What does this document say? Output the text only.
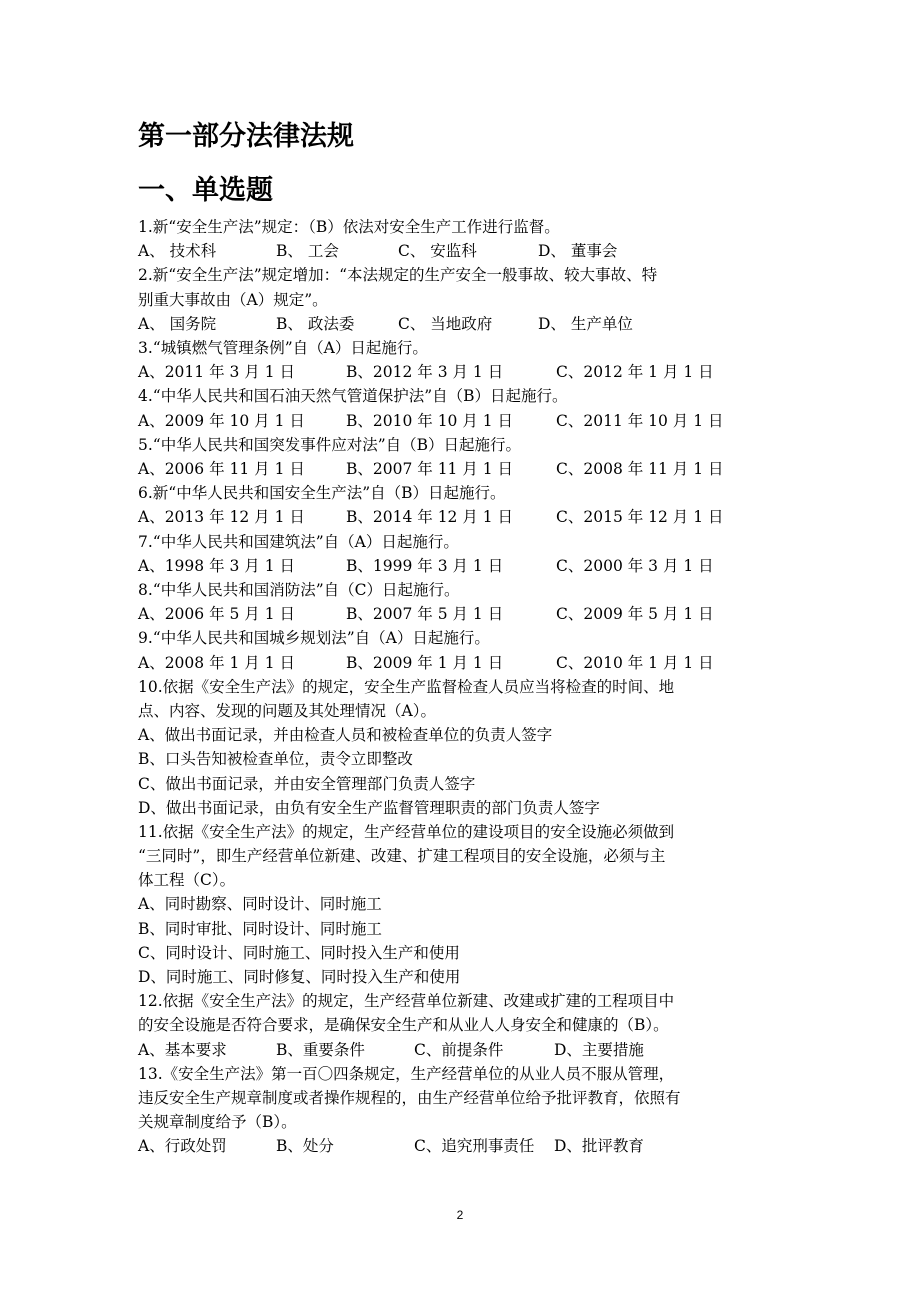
第一部分法律法规
一、单选题
1.新“安全生产法”规定：（B）依法对安全生产工作进行监督。
A、 技术科	B、 工会	C、 安监科	D、 董事会
2.新“安全生产法”规定增加：“本法规定的生产安全一般事故、较大事故、特
别重大事故由（A）规定”。
A、 国务院	B、 政法委	C、 当地政府	D、 生产单位
3.“城镇燃气管理条例”自（A）日起施行。
A、2011 年 3 月 1 日	B、2012 年 3 月 1 日	C、2012 年 1 月 1 日
4.“中华人民共和国石油天然气管道保护法”自（B）日起施行。
A、2009 年 10 月 1 日	B、2010 年 10 月 1 日	C、2011 年 10 月 1 日
5.“中华人民共和国突发事件应对法”自（B）日起施行。
A、2006 年 11 月 1 日	B、2007 年 11 月 1 日	C、2008 年 11 月 1 日
6.新“中华人民共和国安全生产法”自（B）日起施行。
A、2013 年 12 月 1 日	B、2014 年 12 月 1 日	C、2015 年 12 月 1 日
7.“中华人民共和国建筑法”自（A）日起施行。
A、1998 年 3 月 1 日	B、1999 年 3 月 1 日	C、2000 年 3 月 1 日
8.“中华人民共和国消防法”自（C）日起施行。
A、2006 年 5 月 1 日	B、2007 年 5 月 1 日	C、2009 年 5 月 1 日
9.“中华人民共和国城乡规划法”自（A）日起施行。
A、2008 年 1 月 1 日	B、2009 年 1 月 1 日	C、2010 年 1 月 1 日
10.依据《安全生产法》的规定，安全生产监督检查人员应当将检查的时间、地
点、内容、发现的问题及其处理情况（A）。
A、做出书面记录，并由检查人员和被检查单位的负责人签字
B、口头告知被检查单位，责令立即整改
C、做出书面记录，并由安全管理部门负责人签字
D、做出书面记录，由负有安全生产监督管理职责的部门负责人签字
11.依据《安全生产法》的规定，生产经营单位的建设项目的安全设施必须做到
“三同时”，即生产经营单位新建、改建、扩建工程项目的安全设施，必须与主
体工程（C）。
A、同时勘察、同时设计、同时施工
B、同时审批、同时设计、同时施工
C、同时设计、同时施工、同时投入生产和使用
D、同时施工、同时修复、同时投入生产和使用
12.依据《安全生产法》的规定，生产经营单位新建、改建或扩建的工程项目中
的安全设施是否符合要求，是确保安全生产和从业人人身安全和健康的（B）。
A、基本要求	B、重要条件	C、前提条件	D、主要措施
13.《安全生产法》第一百〇四条规定，生产经营单位的从业人员不服从管理，
违反安全生产规章制度或者操作规程的，由生产经营单位给予批评教育，依照有
关规章制度给予（B）。
A、行政处罚	B、处分	C、追究刑事责任 D、批评教育
2
